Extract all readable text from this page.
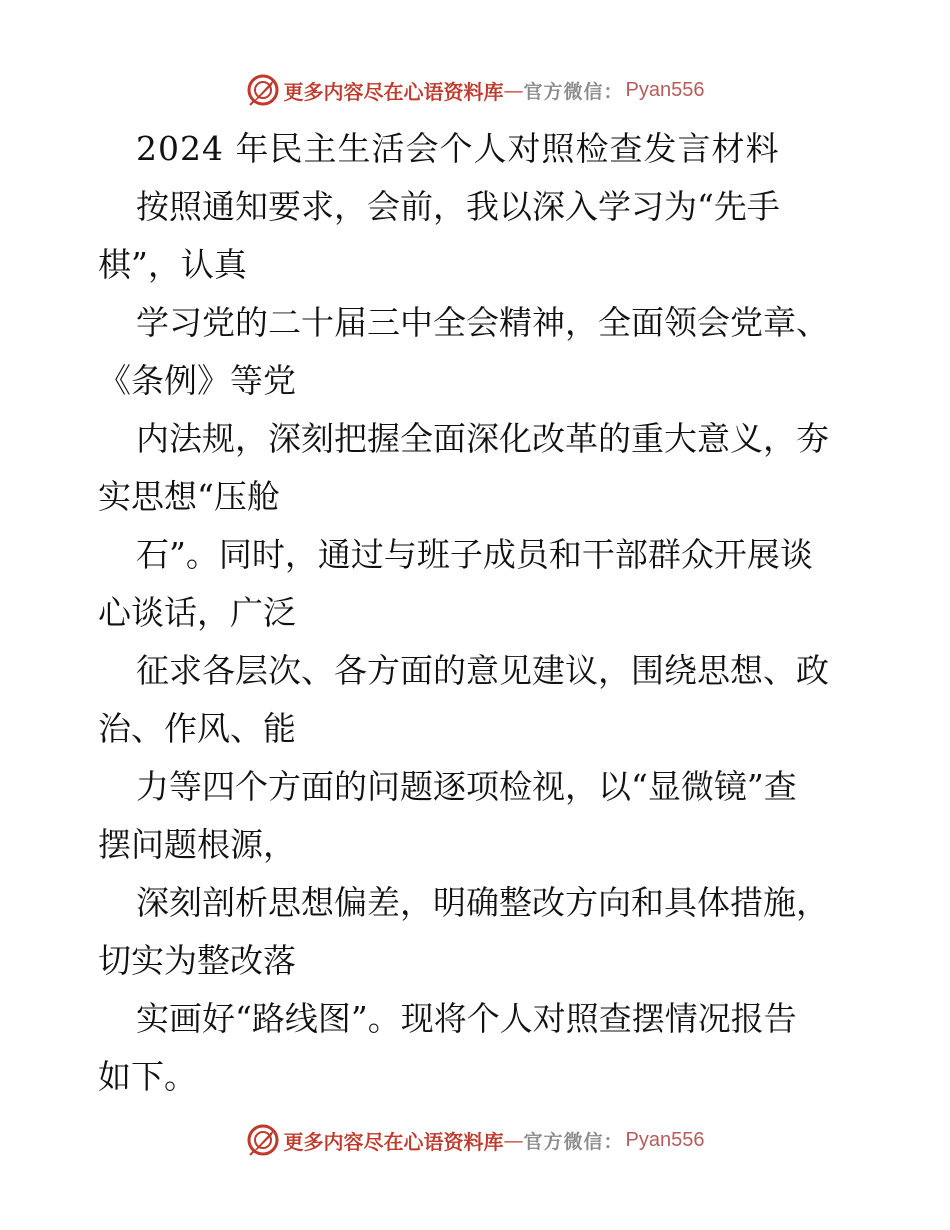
更多内容尽在心语资料库 — 官方微信： Pyan556
2024 年民主生活会个人对照检查发言材料
按照通知要求，会前，我以深入学习为“先手
棋”，认真
学习党的二十届三中全会精神，全面领会党章、
《条例》等党
内法规，深刻把握全面深化改革的重大意义，夯
实思想“压舱
石”。同时，通过与班子成员和干部群众开展谈
心谈话，广泛
征求各层次、各方面的意见建议，围绕思想、政
治、作风、能
力等四个方面的问题逐项检视，以“显微镜”查
摆问题根源，
深刻剖析思想偏差，明确整改方向和具体措施，
切实为整改落
实画好“路线图”。现将个人对照查摆情况报告
如下。
更多内容尽在心语资料库 — 官方微信： Pyan556
